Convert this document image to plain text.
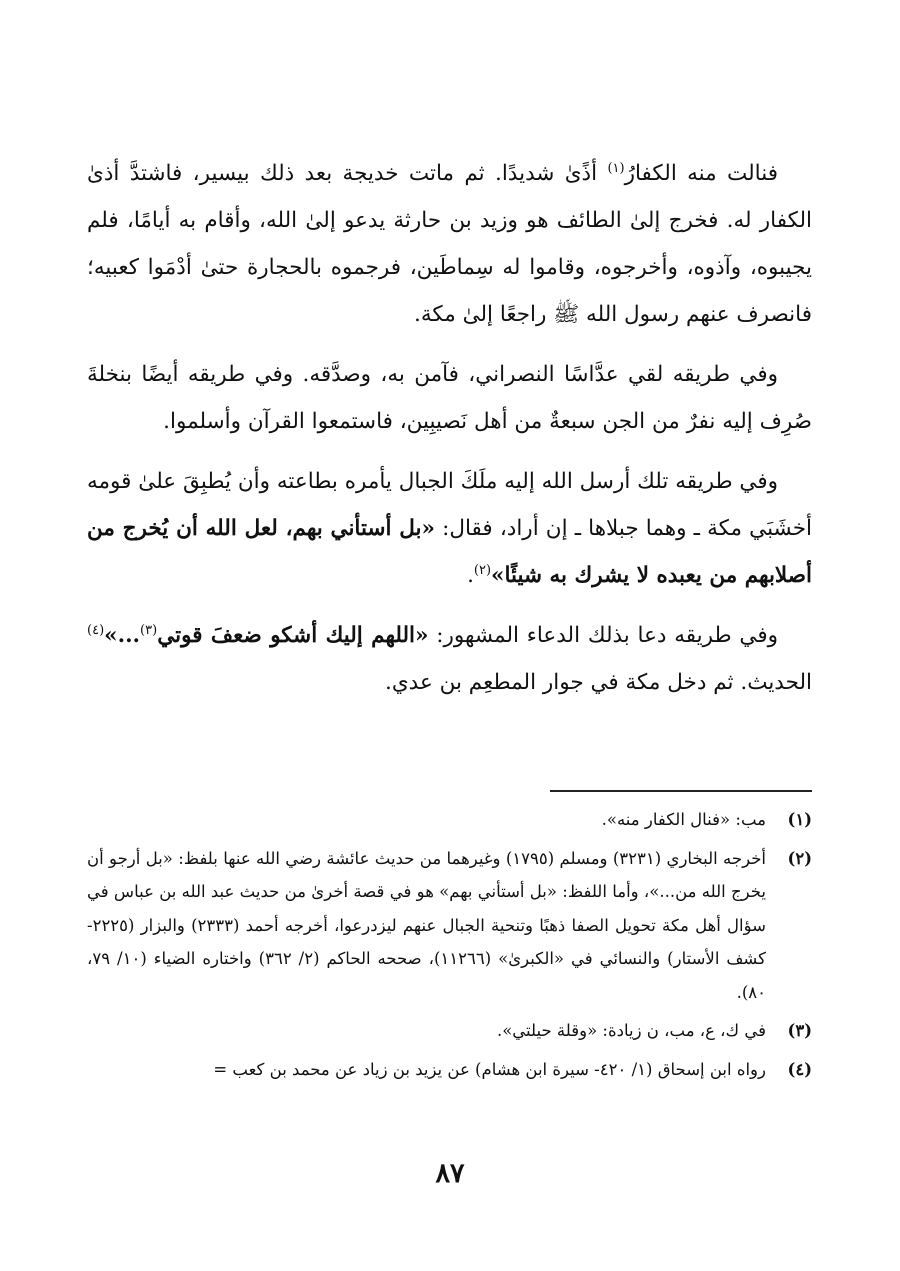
فنالت منه الكفارُ$^{(١)}$ أذًىٰ شديدًا. ثم ماتت خديجة بعد ذلك بيسير، فاشتدَّ أذىٰ الكفار له. فخرج إلىٰ الطائف هو وزيد بن حارثة يدعو إلىٰ الله، وأقام به أيامًا، فلم يجيبوه، وآذوه، وأخرجوه، وقاموا له سِماطَين، فرجموه بالحجارة حتىٰ أدْمَوا كعبيه؛ فانصرف عنهم رسول الله ﷺ راجعًا إلىٰ مكة.

وفي طريقه لقي عدَّاسًا النصراني، فآمن به، وصدَّقه. وفي طريقه أيضًا بنخلةَ صُرِف إليه نفرٌ من الجن سبعةٌ من أهل نَصيبِين، فاستمعوا القرآن وأسلموا.

وفي طريقه تلك أرسل الله إليه ملَكَ الجبال يأمره بطاعته وأن يُطبِقَ علىٰ قومه أخشَبَي مكة ـ وهما جبلاها ـ إن أراد، فقال: «بل أستأني بهم، لعل الله أن يُخرج من أصلابهم من يعبده لا يشرك به شيئًا»$^{(٢)}$.

وفي طريقه دعا بذلك الدعاء المشهور: «اللهم إليك أشكو ضعفَ قوتي$^{(٣)}$...»$^{(٤)}$ الحديث. ثم دخل مكة في جوار المطعِم بن عدي.

(١)
مب: «فنال الكفار منه».
(٢)
أخرجه البخاري (٣٢٣١) ومسلم (١٧٩٥) وغيرهما من حديث عائشة رضي الله عنها بلفظ: «بل أرجو أن يخرج الله من...»، وأما اللفظ: «بل أستأني بهم» هو في قصة أخرىٰ من حديث عبد الله بن عباس في سؤال أهل مكة تحويل الصفا ذهبًا وتنحية الجبال عنهم ليزدرعوا، أخرجه أحمد (٢٣٣٣) والبزار (٢٢٢٥- كشف الأستار) والنسائي في «الكبرىٰ» (١١٢٦٦)، صححه الحاكم (٢/ ٣٦٢) واختاره الضياء (١٠/ ٧٩، ٨٠).
(٣)
في ك، ع، مب، ن زيادة: «وقلة حيلتي».
(٤)
رواه ابن إسحاق (١/ ٤٢٠- سيرة ابن هشام) عن يزيد بن زياد عن محمد بن كعب =
٨٧
